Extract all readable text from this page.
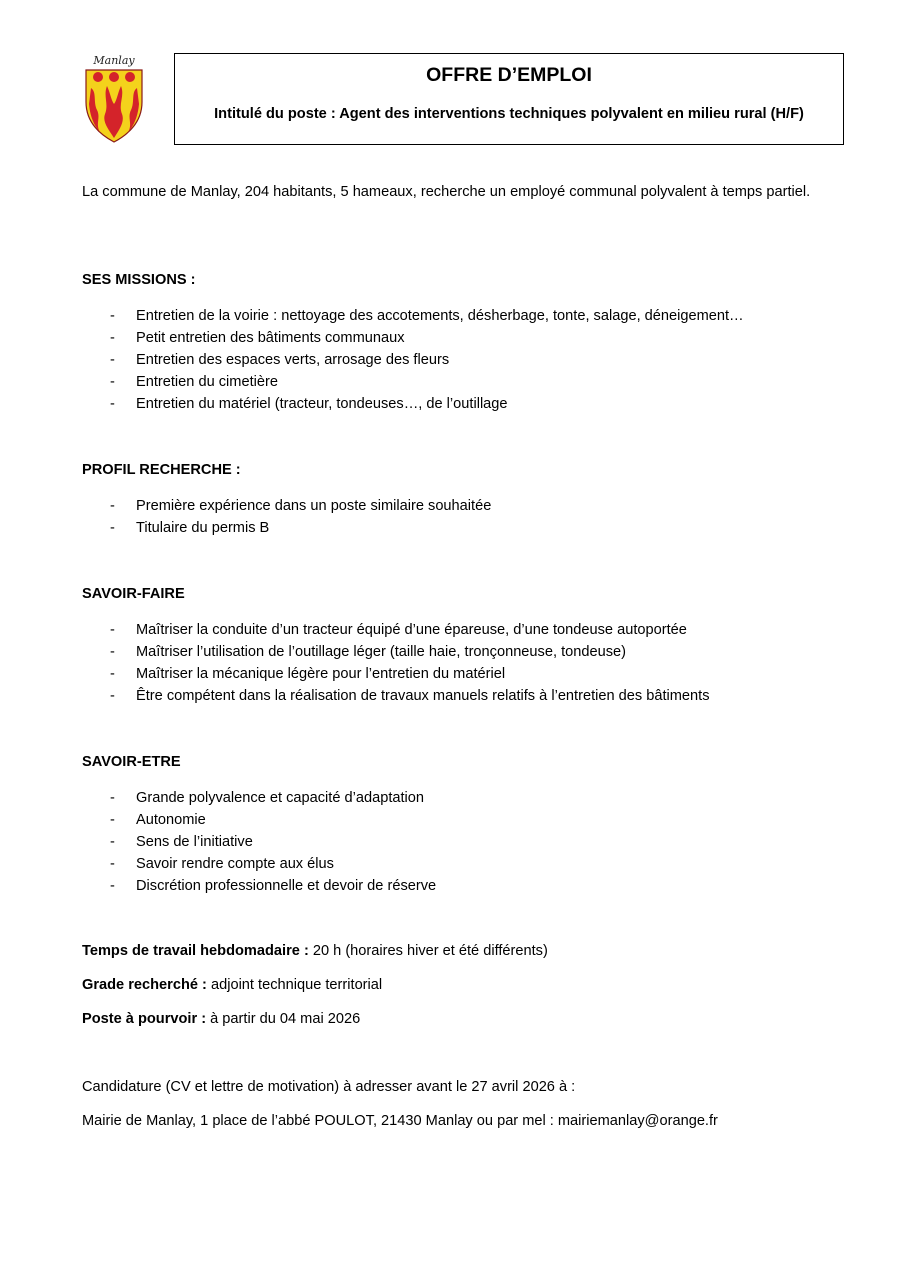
Manlay
OFFRE D’EMPLOI
Intitulé du poste : Agent des interventions techniques polyvalent en milieu rural (H/F)
La commune de Manlay, 204 habitants, 5 hameaux, recherche un employé communal polyvalent à temps partiel.
SES MISSIONS :
- Entretien de la voirie : nettoyage des accotements, désherbage, tonte, salage, déneigement…
- Petit entretien des bâtiments communaux
- Entretien des espaces verts, arrosage des fleurs
- Entretien du cimetière
- Entretien du matériel (tracteur, tondeuses…, de l’outillage
PROFIL RECHERCHE :
- Première expérience dans un poste similaire souhaitée
- Titulaire du permis B
SAVOIR-FAIRE
- Maîtriser la conduite d’un tracteur équipé d’une épareuse, d’une tondeuse autoportée
- Maîtriser l’utilisation de l’outillage léger (taille haie, tronçonneuse, tondeuse)
- Maîtriser la mécanique légère pour l’entretien du matériel
- Être compétent dans la réalisation de travaux manuels relatifs à l’entretien des bâtiments
SAVOIR-ETRE
- Grande polyvalence et capacité d’adaptation
- Autonomie
- Sens de l’initiative
- Savoir rendre compte aux élus
- Discrétion professionnelle et devoir de réserve
Temps de travail hebdomadaire : 20 h (horaires hiver et été différents)
Grade recherché : adjoint technique territorial
Poste à pourvoir : à partir du 04 mai 2026
Candidature (CV et lettre de motivation) à adresser avant le 27 avril 2026 à :
Mairie de Manlay, 1 place de l’abbé POULOT, 21430 Manlay ou par mel : mairiemanlay@orange.fr
